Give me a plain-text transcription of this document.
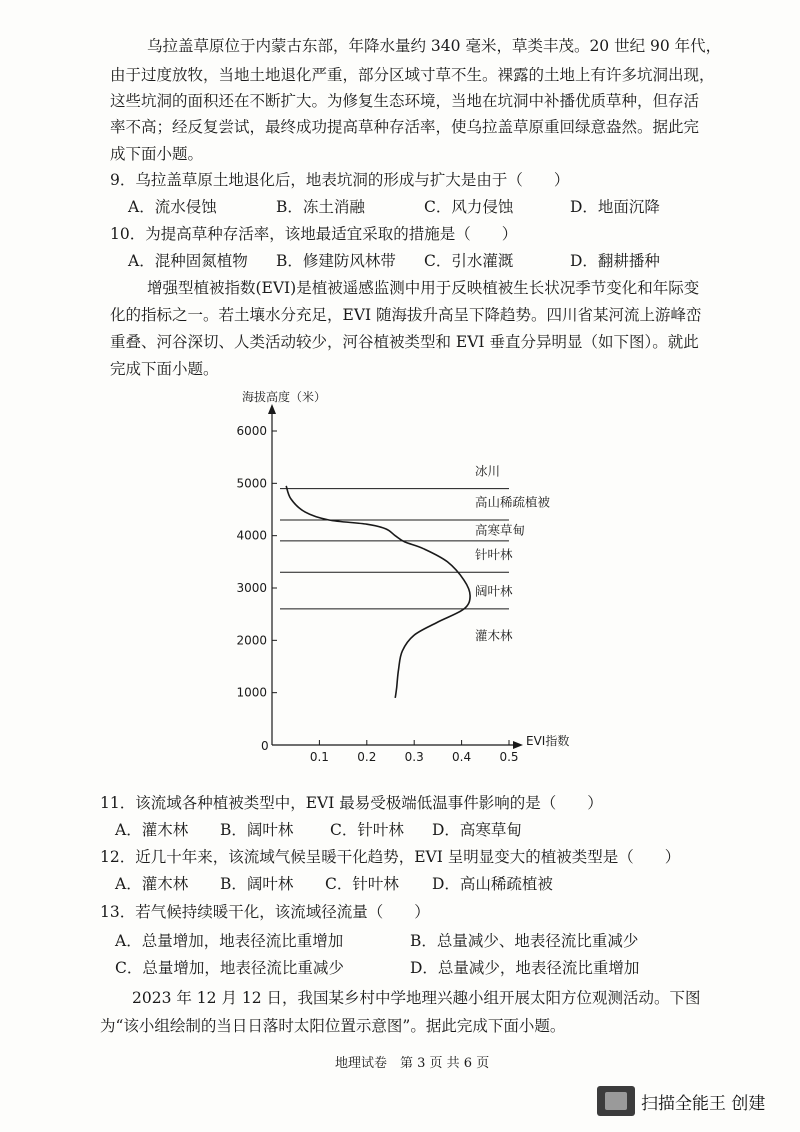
乌拉盖草原位于内蒙古东部，年降水量约 340 毫米，草类丰茂。20 世纪 90 年代，
由于过度放牧，当地土地退化严重，部分区域寸草不生。裸露的土地上有许多坑洞出现，
这些坑洞的面积还在不断扩大。为修复生态环境，当地在坑洞中补播优质草种，但存活
率不高；经反复尝试，最终成功提高草种存活率，使乌拉盖草原重回绿意盎然。据此完
成下面小题。
9．乌拉盖草原土地退化后，地表坑洞的形成与扩大是由于（　　）
A．流水侵蚀	B．冻土消融	C．风力侵蚀	D．地面沉降
10．为提高草种存活率，该地最适宜采取的措施是（　　）
A．混种固氮植物 B．修建防风林带 C．引水灌溉	D．翻耕播种
增强型植被指数(EVI)是植被遥感监测中用于反映植被生长状况季节变化和年际变
化的指标之一。若土壤水分充足，EVI 随海拔升高呈下降趋势。四川省某河流上游峰峦
重叠、河谷深切、人类活动较少，河谷植被类型和 EVI 垂直分异明显（如下图）。就此
完成下面小题。
海拔高度（米）
EVI指数
0
0.1 0.2 0.3 0.4 0.5
1000
2000
3000
4000
5000
6000
冰川
高山稀疏植被
高寒草甸
针叶林
阔叶林
灌木林
11．该流域各种植被类型中，EVI 最易受极端低温事件影响的是（　　）
A．灌木林 B．阔叶林 C．针叶林 D．高寒草甸
12．近几十年来，该流域气候呈暖干化趋势，EVI 呈明显变大的植被类型是（　　）
A．灌木林 B．阔叶林 C．针叶林 D．高山稀疏植被
13．若气候持续暖干化，该流域径流量（　　）
A．总量增加，地表径流比重增加	B．总量减少、地表径流比重减少
C．总量增加，地表径流比重减少	D．总量减少，地表径流比重增加
2023 年 12 月 12 日，我国某乡村中学地理兴趣小组开展太阳方位观测活动。下图
为“该小组绘制的当日日落时太阳位置示意图”。据此完成下面小题。
地理试卷　第 3 页 共 6 页
扫描全能王 创建
